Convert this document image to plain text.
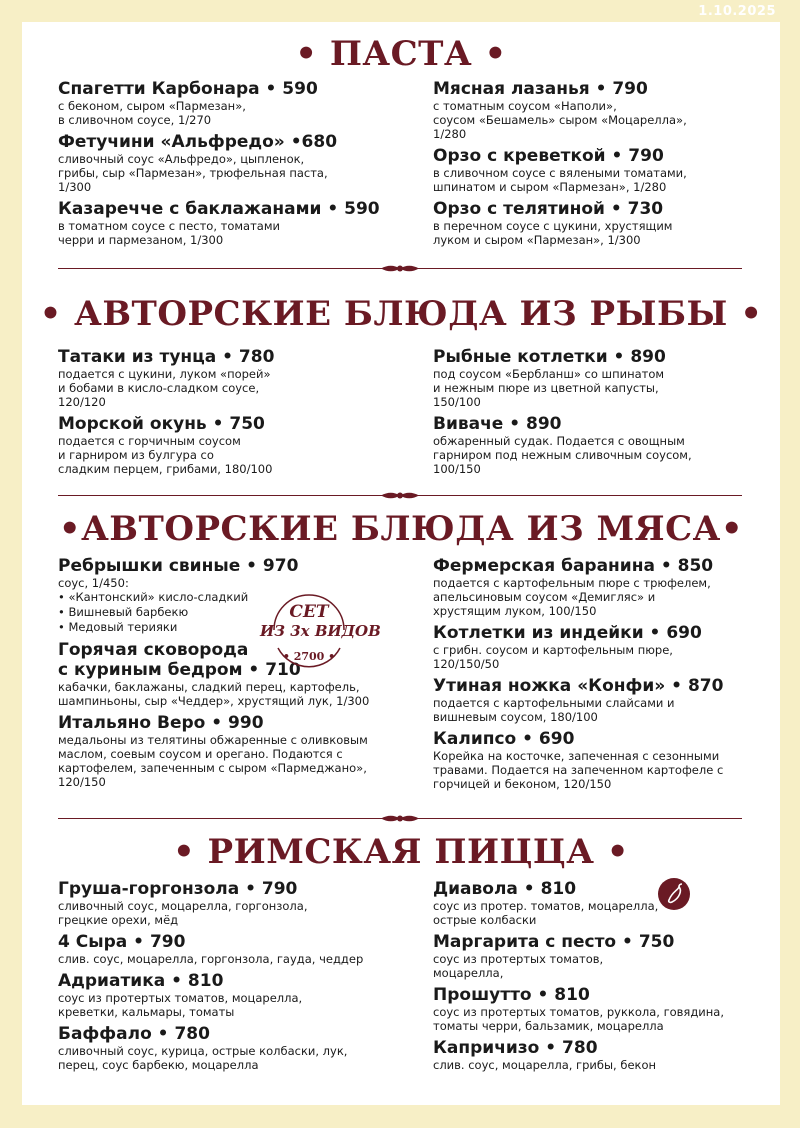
1.10.2025
• ПАСТА •
Спагетти Карбонара • 590
с беконом, сыром «Пармезан»,
в сливочном соусе, 1/270
Фетучини «Альфредо» •680
сливочный соус «Альфредо», цыпленок,
грибы, сыр «Пармезан», трюфельная паста,
1/300
Казаречче с баклажанами • 590
в томатном соусе с песто, томатами
черри и пармезаном, 1/300
Мясная лазанья • 790
с томатным соусом «Наполи»,
соусом «Бешамель» сыром «Моцарелла»,
1/280
Орзо с креветкой • 790
в сливочном соусе с вялеными томатами,
шпинатом и сыром «Пармезан», 1/280
Орзо с телятиной • 730
в перечном соусе с цукини, хрустящим
луком и сыром «Пармезан», 1/300
• АВТОРСКИЕ БЛЮДА ИЗ РЫБЫ •
Татаки из тунца • 780
подается с цукини, луком «порей»
и бобами в кисло-сладком соусе,
120/120
Морской окунь • 750
подается с горчичным соусом
и гарниром из булгура со
сладким перцем, грибами, 180/100
Рыбные котлетки • 890
под соусом «Бербланш» со шпинатом
и нежным пюре из цветной капусты,
150/100
Виваче • 890
обжаренный судак. Подается с овощным
гарниром под нежным сливочным соусом,
100/150
•АВТОРСКИЕ БЛЮДА ИЗ МЯСА•
Ребрышки свиные • 970
соус, 1/450:
• «Кантонский» кисло-сладкий
• Вишневый барбекю
• Медовый терияки
Горячая сковорода
с куриным бедром • 710
кабачки, баклажаны, сладкий перец, картофель,
шампиньоны, сыр «Чеддер», хрустящий лук, 1/300
Итальяно Веро • 990
медальоны из телятины обжаренные с оливковым
маслом, соевым соусом и орегано. Подаются с
картофелем, запеченным с сыром «Пармеджано»,
120/150
СЕТ
ИЗ 3х ВИДОВ
• 2700 •
Фермерская баранина • 850
подается с картофельным пюре с трюфелем,
апельсиновым соусом «Демигляс» и
хрустящим луком, 100/150
Котлетки из индейки • 690
с грибн. соусом и картофельным пюре,
120/150/50
Утиная ножка «Конфи» • 870
подается с картофельными слайсами и
вишневым соусом, 180/100
Калипсо • 690
Корейка на косточке, запеченная с сезонными
травами. Подается на запеченном картофеле с
горчицей и беконом, 120/150
• РИМСКАЯ ПИЦЦА •
Груша-горгонзола • 790
сливочный соус, моцарелла, горгонзола,
грецкие орехи, мёд
4 Сыра • 790
слив. соус, моцарелла, горгонзола, гауда, чеддер
Адриатика • 810
соус из протертых томатов, моцарелла,
креветки, кальмары, томаты
Баффало • 780
сливочный соус, курица, острые колбаски, лук,
перец, соус барбекю, моцарелла
Диавола • 810
соус из протер. томатов, моцарелла,
острые колбаски
Маргарита с песто • 750
соус из протертых томатов,
моцарелла,
Прошутто • 810
соус из протертых томатов, руккола, говядина,
томаты черри, бальзамик, моцарелла
Капричизо • 780
слив. соус, моцарелла, грибы, бекон
